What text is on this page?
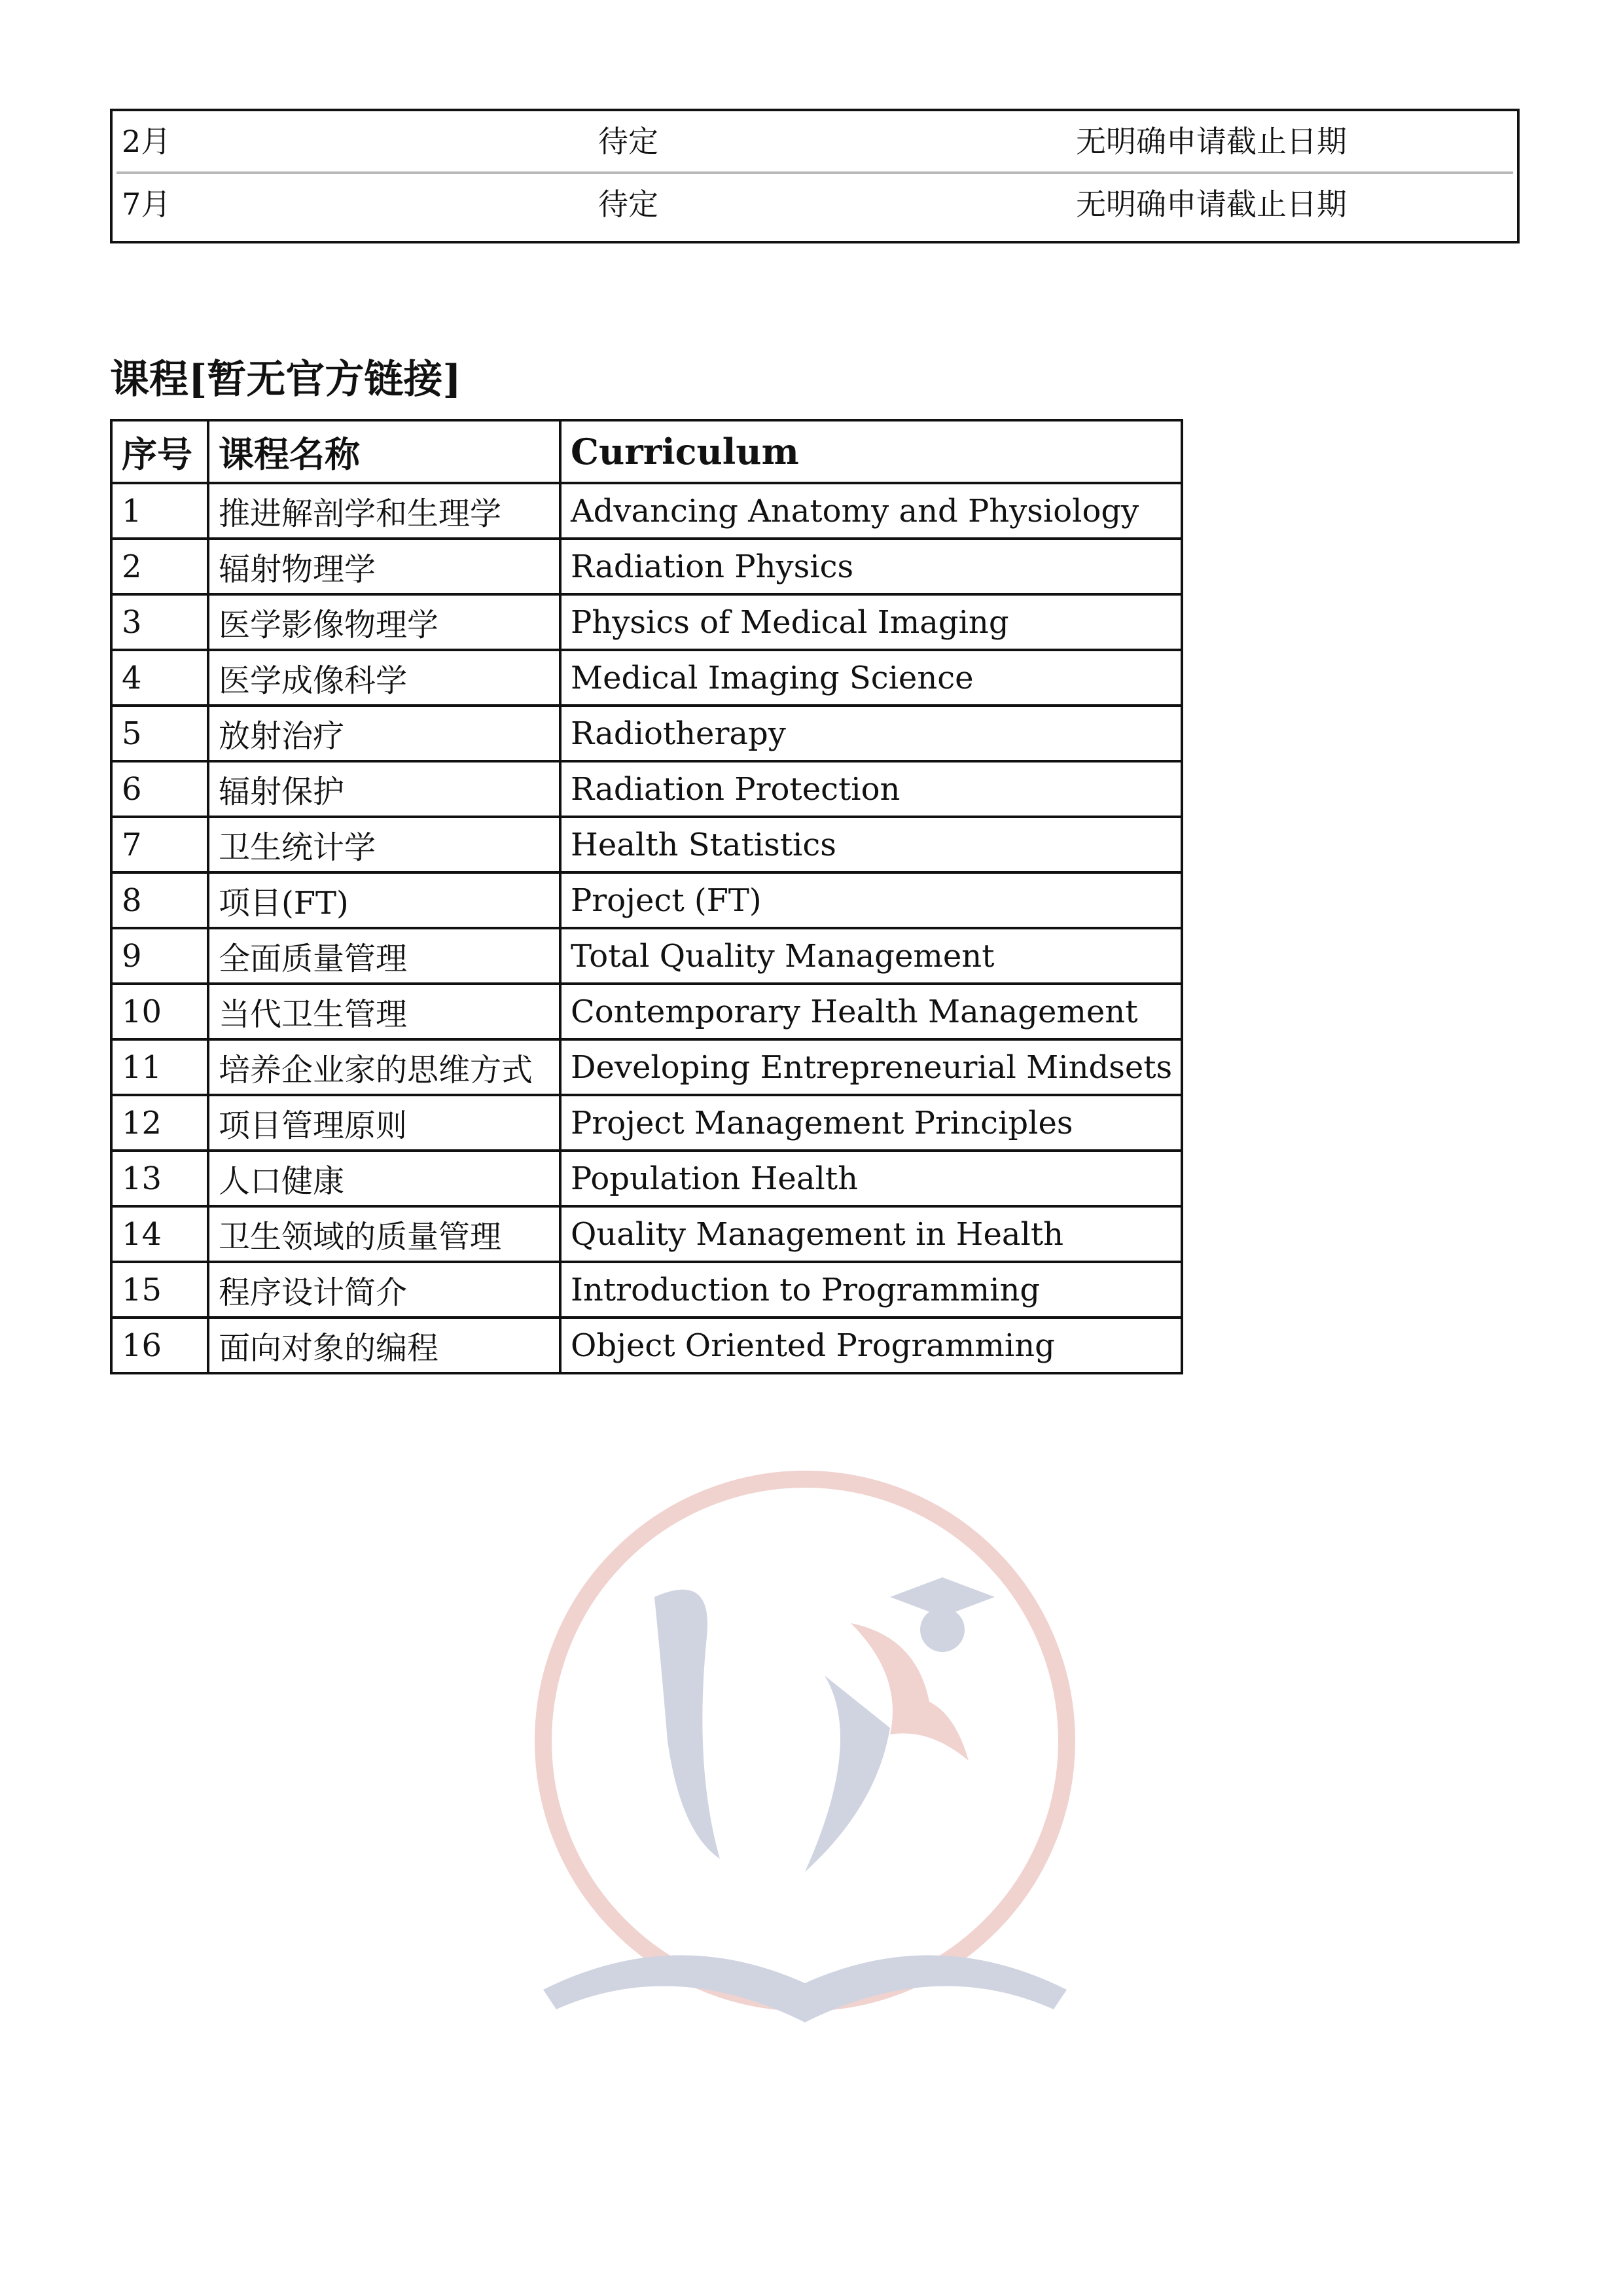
2月	待定	无明确申请截止日期
7月	待定	无明确申请截止日期
课程[暂无官方链接]
序号	课程名称	Curriculum
1	推进解剖学和生理学	Advancing Anatomy and Physiology
2	辐射物理学	Radiation Physics
3	医学影像物理学	Physics of Medical Imaging
4	医学成像科学	Medical Imaging Science
5	放射治疗	Radiotherapy
6	辐射保护	Radiation Protection
7	卫生统计学	Health Statistics
8	项目(FT)	Project (FT)
9	全面质量管理	Total Quality Management
10	当代卫生管理	Contemporary Health Management
11	培养企业家的思维方式	Developing Entrepreneurial Mindsets
12	项目管理原则	Project Management Principles
13	人口健康	Population Health
14	卫生领域的质量管理	Quality Management in Health
15	程序设计简介	Introduction to Programming
16	面向对象的编程	Object Oriented Programming
